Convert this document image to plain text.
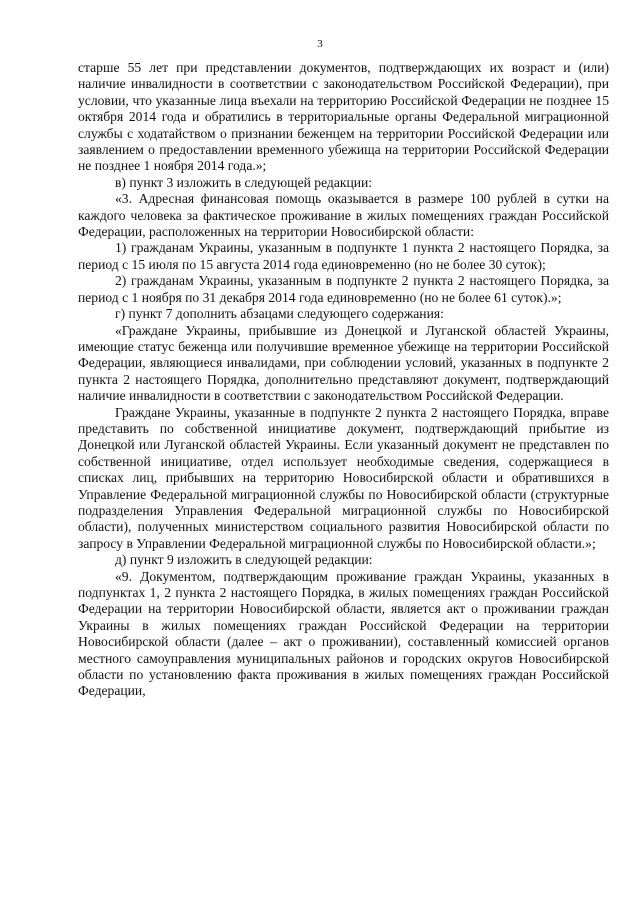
3

старше 55 лет при представлении документов, подтверждающих их возраст и (или) наличие инвалидности в соответствии с законодательством Российской Федерации), при условии, что указанные лица въехали на территорию Российской Федерации не позднее 15 октября 2014 года и обратились в территориальные органы Федеральной миграционной службы с ходатайством о признании беженцем на территории Российской Федерации или заявлением о предоставлении временного убежища на территории Российской Федерации не позднее 1 ноября 2014 года.»;

в) пункт 3 изложить в следующей редакции:

«3. Адресная финансовая помощь оказывается в размере 100 рублей в сутки на каждого человека за фактическое проживание в жилых помещениях граждан Российской Федерации, расположенных на территории Новосибирской области:

1) гражданам Украины, указанным в подпункте 1 пункта 2 настоящего Порядка, за период с 15 июля по 15 августа 2014 года единовременно (но не более 30 суток);

2) гражданам Украины, указанным в подпункте 2 пункта 2 настоящего Порядка, за период с 1 ноября по 31 декабря 2014 года единовременно (но не более 61 суток).»;

г) пункт 7 дополнить абзацами следующего содержания:

«Граждане Украины, прибывшие из Донецкой и Луганской областей Украины, имеющие статус беженца или получившие временное убежище на территории Российской Федерации, являющиеся инвалидами, при соблюдении условий, указанных в подпункте 2 пункта 2 настоящего Порядка, дополнительно представляют документ, подтверждающий наличие инвалидности в соответствии с законодательством Российской Федерации.

Граждане Украины, указанные в подпункте 2 пункта 2 настоящего Порядка, вправе представить по собственной инициативе документ, подтверждающий прибытие из Донецкой или Луганской областей Украины. Если указанный документ не представлен по собственной инициативе, отдел использует необходимые сведения, содержащиеся в списках лиц, прибывших на территорию Новосибирской области и обратившихся в Управление Федеральной миграционной службы по Новосибирской области (структурные подразделения Управления Федеральной миграционной службы по Новосибирской области), полученных министерством социального развития Новосибирской области по запросу в Управлении Федеральной миграционной службы по Новосибирской области.»;

д) пункт 9 изложить в следующей редакции:

«9. Документом, подтверждающим проживание граждан Украины, указанных в подпунктах 1, 2 пункта 2 настоящего Порядка, в жилых помещениях граждан Российской Федерации на территории Новосибирской области, является акт о проживании граждан Украины в жилых помещениях граждан Российской Федерации на территории Новосибирской области (далее – акт о проживании), составленный комиссией органов местного самоуправления муниципальных районов и городских округов Новосибирской области по установлению факта проживания в жилых помещениях граждан Российской Федерации,
